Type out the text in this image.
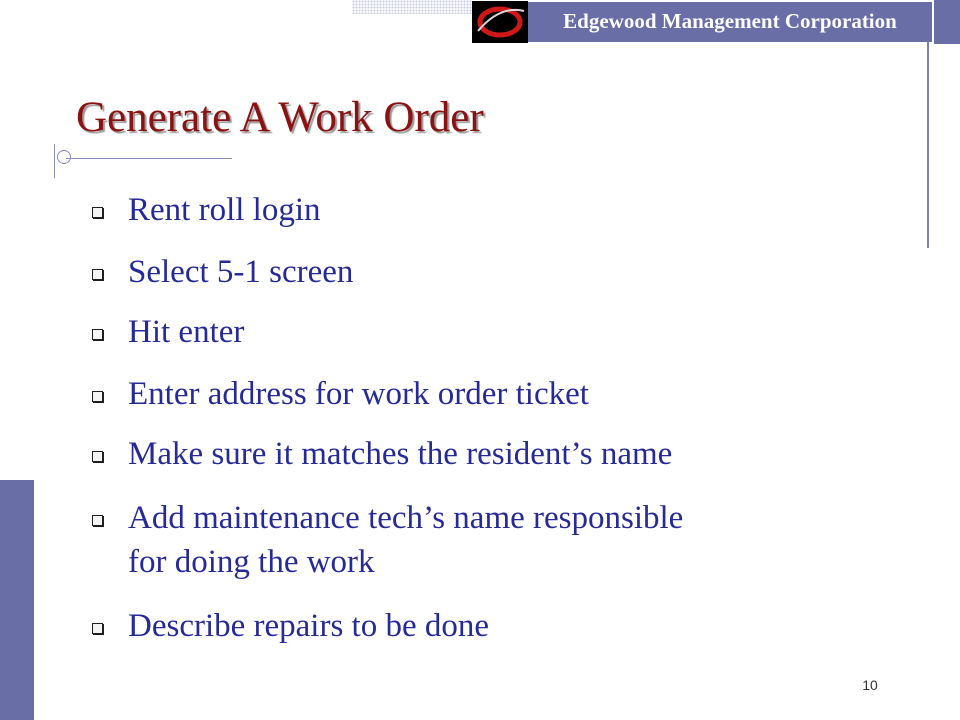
Edgewood Management Corporation
Generate A Work Order
Rent roll login
Select 5-1 screen
Hit enter
Enter address for work order ticket
Make sure it matches the resident’s name
Add maintenance tech’s name responsible
for doing the work
Describe repairs to be done
10
